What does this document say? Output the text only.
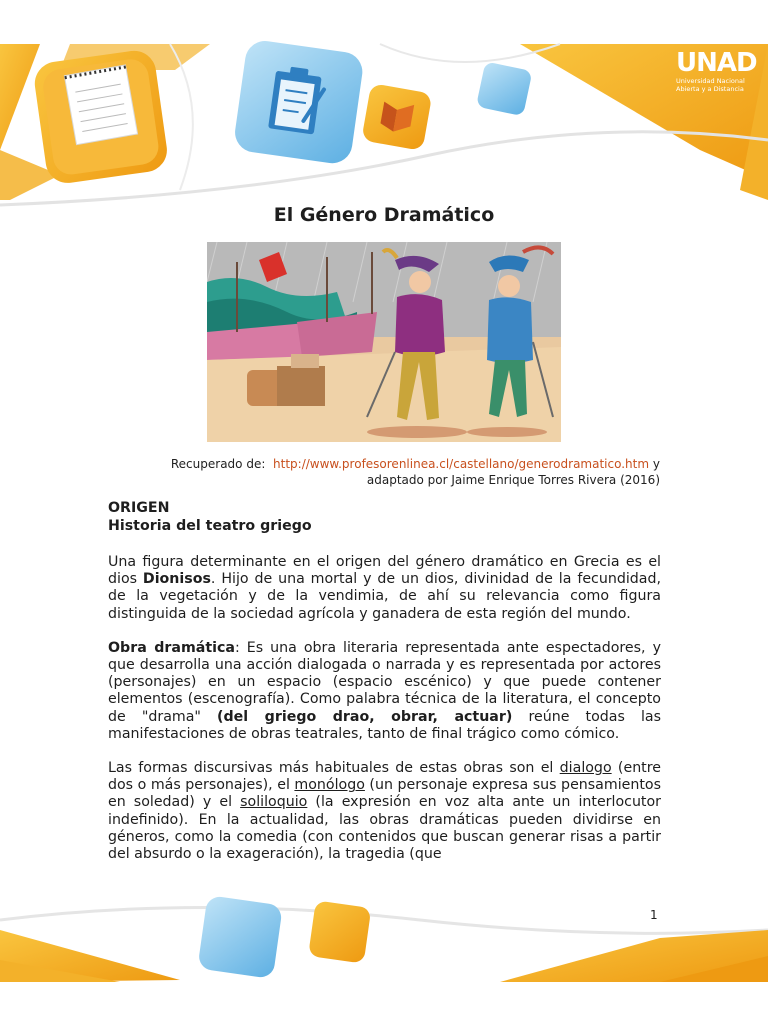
UNAD
Universidad Nacional
Abierta y a Distancia
El Género Dramático
Recuperado de: http://www.profesorenlinea.cl/castellano/generodramatico.htm y
adaptado por Jaime Enrique Torres Rivera (2016)
ORIGEN
Historia del teatro griego

Una figura determinante en el origen del género dramático en Grecia es el dios Dionisos. Hijo de una mortal y de un dios, divinidad de la fecundidad, de la vegetación y de la vendimia, de ahí su relevancia como figura distinguida de la sociedad agrícola y ganadera de esta región del mundo.

Obra dramática: Es una obra literaria representada ante espectadores, y que desarrolla una acción dialogada o narrada y es representada por actores (personajes) en un espacio (espacio escénico) y que puede contener elementos (escenografía). Como palabra técnica de la literatura, el concepto de "drama" (del griego drao, obrar, actuar) reúne todas las manifestaciones de obras teatrales, tanto de final trágico como cómico.

Las formas discursivas más habituales de estas obras son el dialogo (entre dos o más personajes), el monólogo (un personaje expresa sus pensamientos en soledad) y el soliloquio (la expresión en voz alta ante un interlocutor indefinido). En la actualidad, las obras dramáticas pueden dividirse en géneros, como la comedia (con contenidos que buscan generar risas a partir del absurdo o la exageración), la tragedia (que

1
